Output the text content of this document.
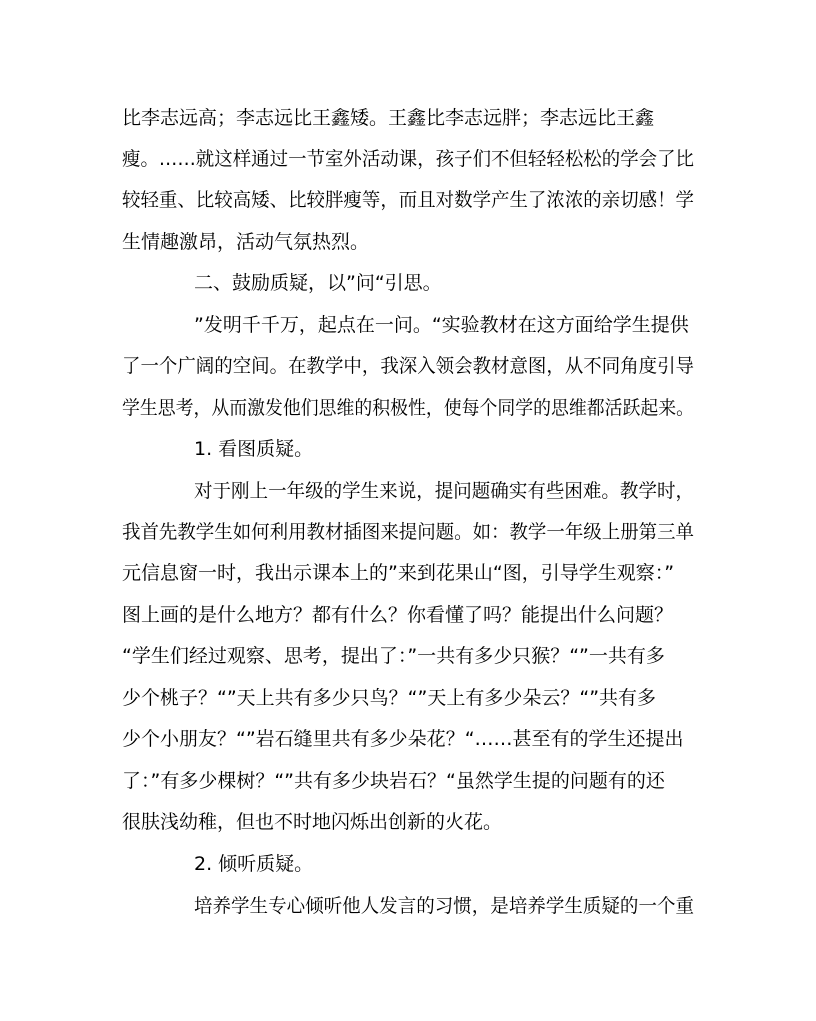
比李志远高；李志远比王鑫矮。王鑫比李志远胖；李志远比王鑫
瘦。……就这样通过一节室外活动课，孩子们不但轻轻松松的学会了比
较轻重、比较高矮、比较胖瘦等，而且对数学产生了浓浓的亲切感！学
生情趣激昂，活动气氛热烈。
二、鼓励质疑，以”问“引思。
”发明千千万，起点在一问。“实验教材在这方面给学生提供
了一个广阔的空间。在教学中，我深入领会教材意图，从不同角度引导
学生思考，从而激发他们思维的积极性，使每个同学的思维都活跃起来。
1. 看图质疑。
对于刚上一年级的学生来说，提问题确实有些困难。教学时，
我首先教学生如何利用教材插图来提问题。如：教学一年级上册第三单
元信息窗一时，我出示课本上的”来到花果山“图，引导学生观察：”
图上画的是什么地方？都有什么？你看懂了吗？能提出什么问题？
“学生们经过观察、思考，提出了：”一共有多少只猴？“”一共有多
少个桃子？“”天上共有多少只鸟？“”天上有多少朵云？“”共有多
少个小朋友？“”岩石缝里共有多少朵花？“……甚至有的学生还提出
了：”有多少棵树？“”共有多少块岩石？“虽然学生提的问题有的还
很肤浅幼稚，但也不时地闪烁出创新的火花。
2. 倾听质疑。
培养学生专心倾听他人发言的习惯，是培养学生质疑的一个重
